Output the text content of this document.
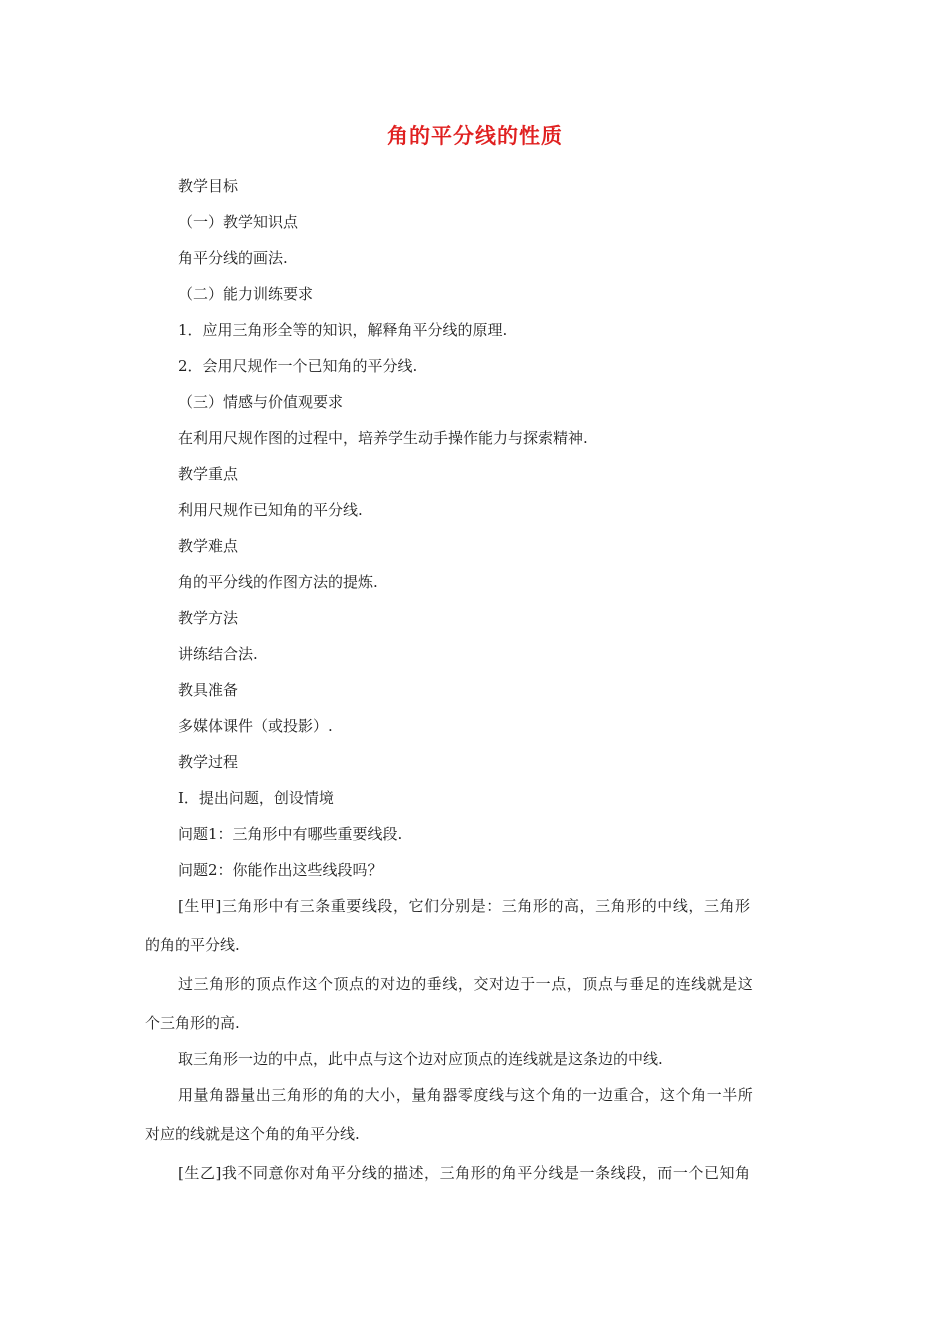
角的平分线的性质
教学目标
（一）教学知识点
角平分线的画法.
（二）能力训练要求
1．应用三角形全等的知识，解释角平分线的原理.
2．会用尺规作一个已知角的平分线.
（三）情感与价值观要求
在利用尺规作图的过程中，培养学生动手操作能力与探索精神.
教学重点
利用尺规作已知角的平分线.
教学难点
角的平分线的作图方法的提炼.
教学方法
讲练结合法.
教具准备
多媒体课件（或投影）.
教学过程
Ⅰ．提出问题，创设情境
问题1：三角形中有哪些重要线段.
问题2：你能作出这些线段吗？
[生甲]三角形中有三条重要线段，它们分别是：三角形的高，三角形的中线，三角形
的角的平分线.
过三角形的顶点作这个顶点的对边的垂线，交对边于一点，顶点与垂足的连线就是这
个三角形的高.
取三角形一边的中点，此中点与这个边对应顶点的连线就是这条边的中线.
用量角器量出三角形的角的大小，量角器零度线与这个角的一边重合，这个角一半所
对应的线就是这个角的角平分线.
[生乙]我不同意你对角平分线的描述，三角形的角平分线是一条线段，而一个已知角
